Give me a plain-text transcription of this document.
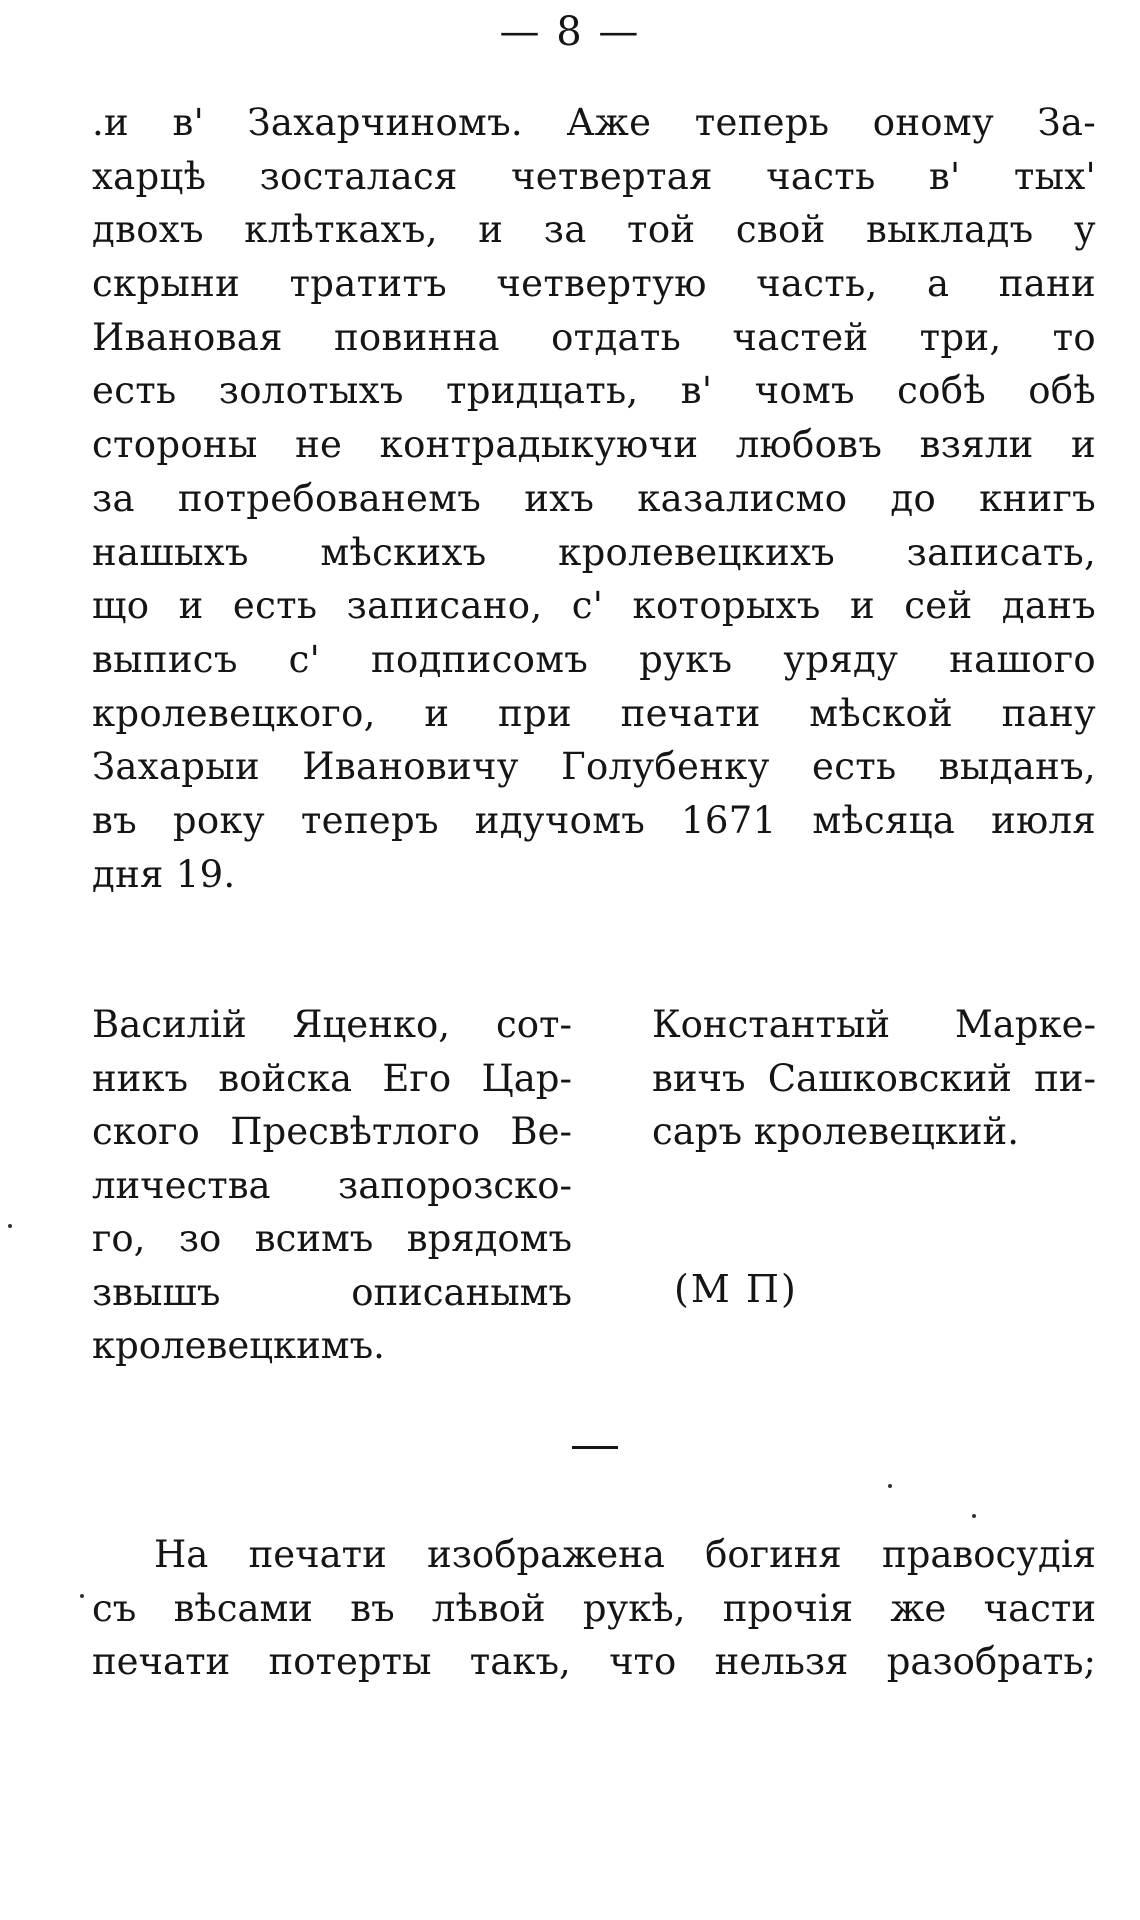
— 8 —
.и в' Захарчиномъ. Аже теперь оному За-
харцѣ зосталася четвертая часть в' тых'
двохъ клѣткахъ, и за той свой выкладъ у
скрыни тратитъ четвертую часть, а пани
Ивановая повинна отдать частей три, то
есть золотыхъ тридцать, в' чомъ собѣ обѣ
стороны не контрадыкуючи любовъ взяли и
за потребованемъ ихъ казалисмо до книгъ
нашыхъ мѣскихъ кролевецкихъ записать,
що и есть записано, с' которыхъ и сей данъ
выписъ с' подписомъ рукъ уряду нашого
кролевецкого, и при печати мѣской пану
Захарыи Ивановичу Голубенку есть выданъ,
въ року теперъ идучомъ 1671 мѣсяца июля
дня 19.
Василій Яценко, сот-
никъ войска Его Цар-
ского Пресвѣтлого Ве-
личества запорозско-
го, зо всимъ врядомъ
звышъ описанымъ
кролевецкимъ.
Константый Марке-
вичъ Сашковский пи-
саръ кролевецкий.
(М П)
На печати изображена богиня правосудія
съ вѣсами въ лѣвой рукѣ, прочія же части
печати потерты такъ, что нельзя разобрать;
